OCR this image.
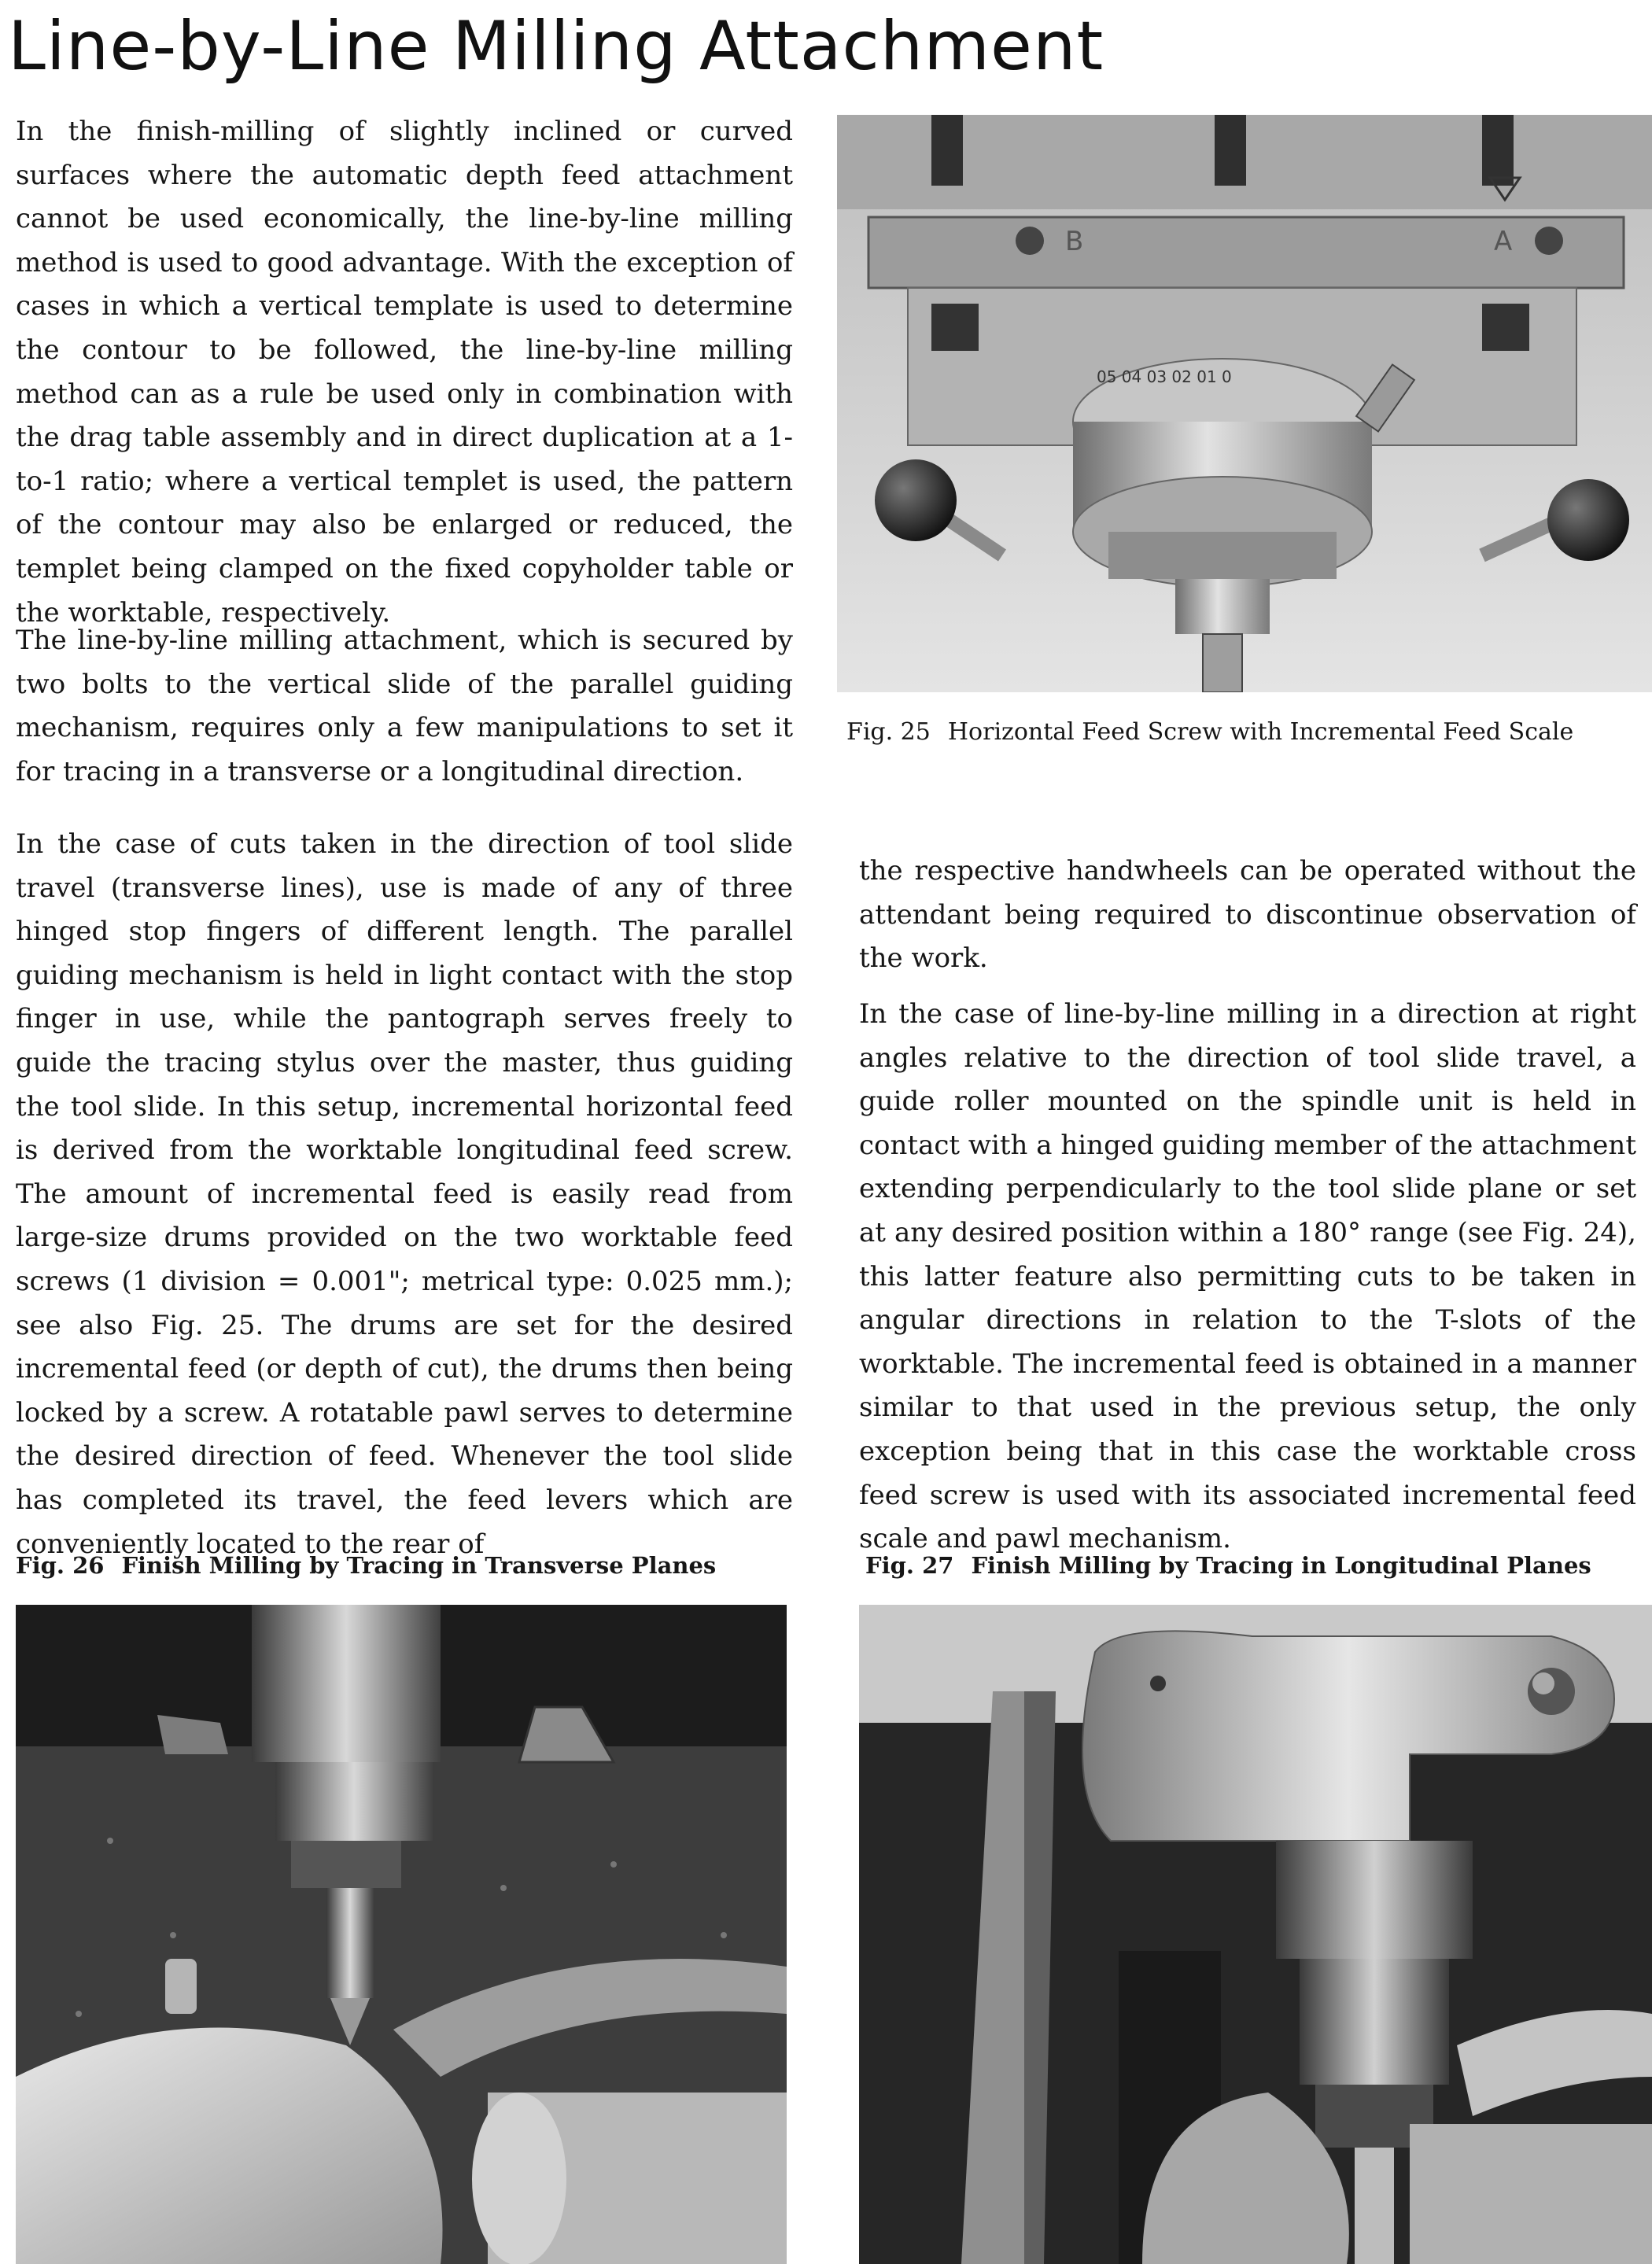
Line-by-Line Milling Attachment

In the finish-milling of slightly inclined or curved surfaces where the automatic depth feed attachment cannot be used economically, the line-by-line milling method is used to good advantage. With the exception of cases in which a vertical template is used to determine the contour to be followed, the line-by-line milling method can as a rule be used only in combination with the drag table assembly and in direct duplication at a 1-to-1 ratio; where a vertical templet is used, the pattern of the contour may also be enlarged or reduced, the templet being clamped on the fixed copyholder table or the worktable, respectively.

The line-by-line milling attachment, which is secured by two bolts to the vertical slide of the parallel guiding mechanism, requires only a few manipulations to set it for tracing in a transverse or a longitudinal direction.

In the case of cuts taken in the direction of tool slide travel (transverse lines), use is made of any of three hinged stop fingers of different length. The parallel guiding mechanism is held in light contact with the stop finger in use, while the pantograph serves freely to guide the tracing stylus over the master, thus guiding the tool slide. In this setup, incremental horizontal feed is derived from the worktable longitudinal feed screw. The amount of incremental feed is easily read from large-size drums provided on the two worktable feed screws (1 division = 0.001"; metrical type: 0.025 mm.); see also Fig. 25. The drums are set for the desired incremental feed (or depth of cut), the drums then being locked by a screw. A rotatable pawl serves to determine the desired direction of feed. Whenever the tool slide has completed its travel, the feed levers which are conveniently located to the rear of

the respective handwheels can be operated without the attendant being required to discontinue observation of the work.

In the case of line-by-line milling in a direction at right angles relative to the direction of tool slide travel, a guide roller mounted on the spindle unit is held in contact with a hinged guiding member of the attachment extending perpendicularly to the tool slide plane or set at any desired position within a 180° range (see Fig. 24), this latter feature also permitting cuts to be taken in angular directions in relation to the T-slots of the worktable. The incremental feed is obtained in a manner similar to that used in the previous setup, the only exception being that in this case the worktable cross feed screw is used with its associated incremental feed scale and pawl mechanism.

B	A
05 04 03 02 01 0

Fig. 25 Horizontal Feed Screw with Incremental Feed Scale

Fig. 26 Finish Milling by Tracing in Transverse Planes	Fig. 27 Finish Milling by Tracing in Longitudinal Planes
